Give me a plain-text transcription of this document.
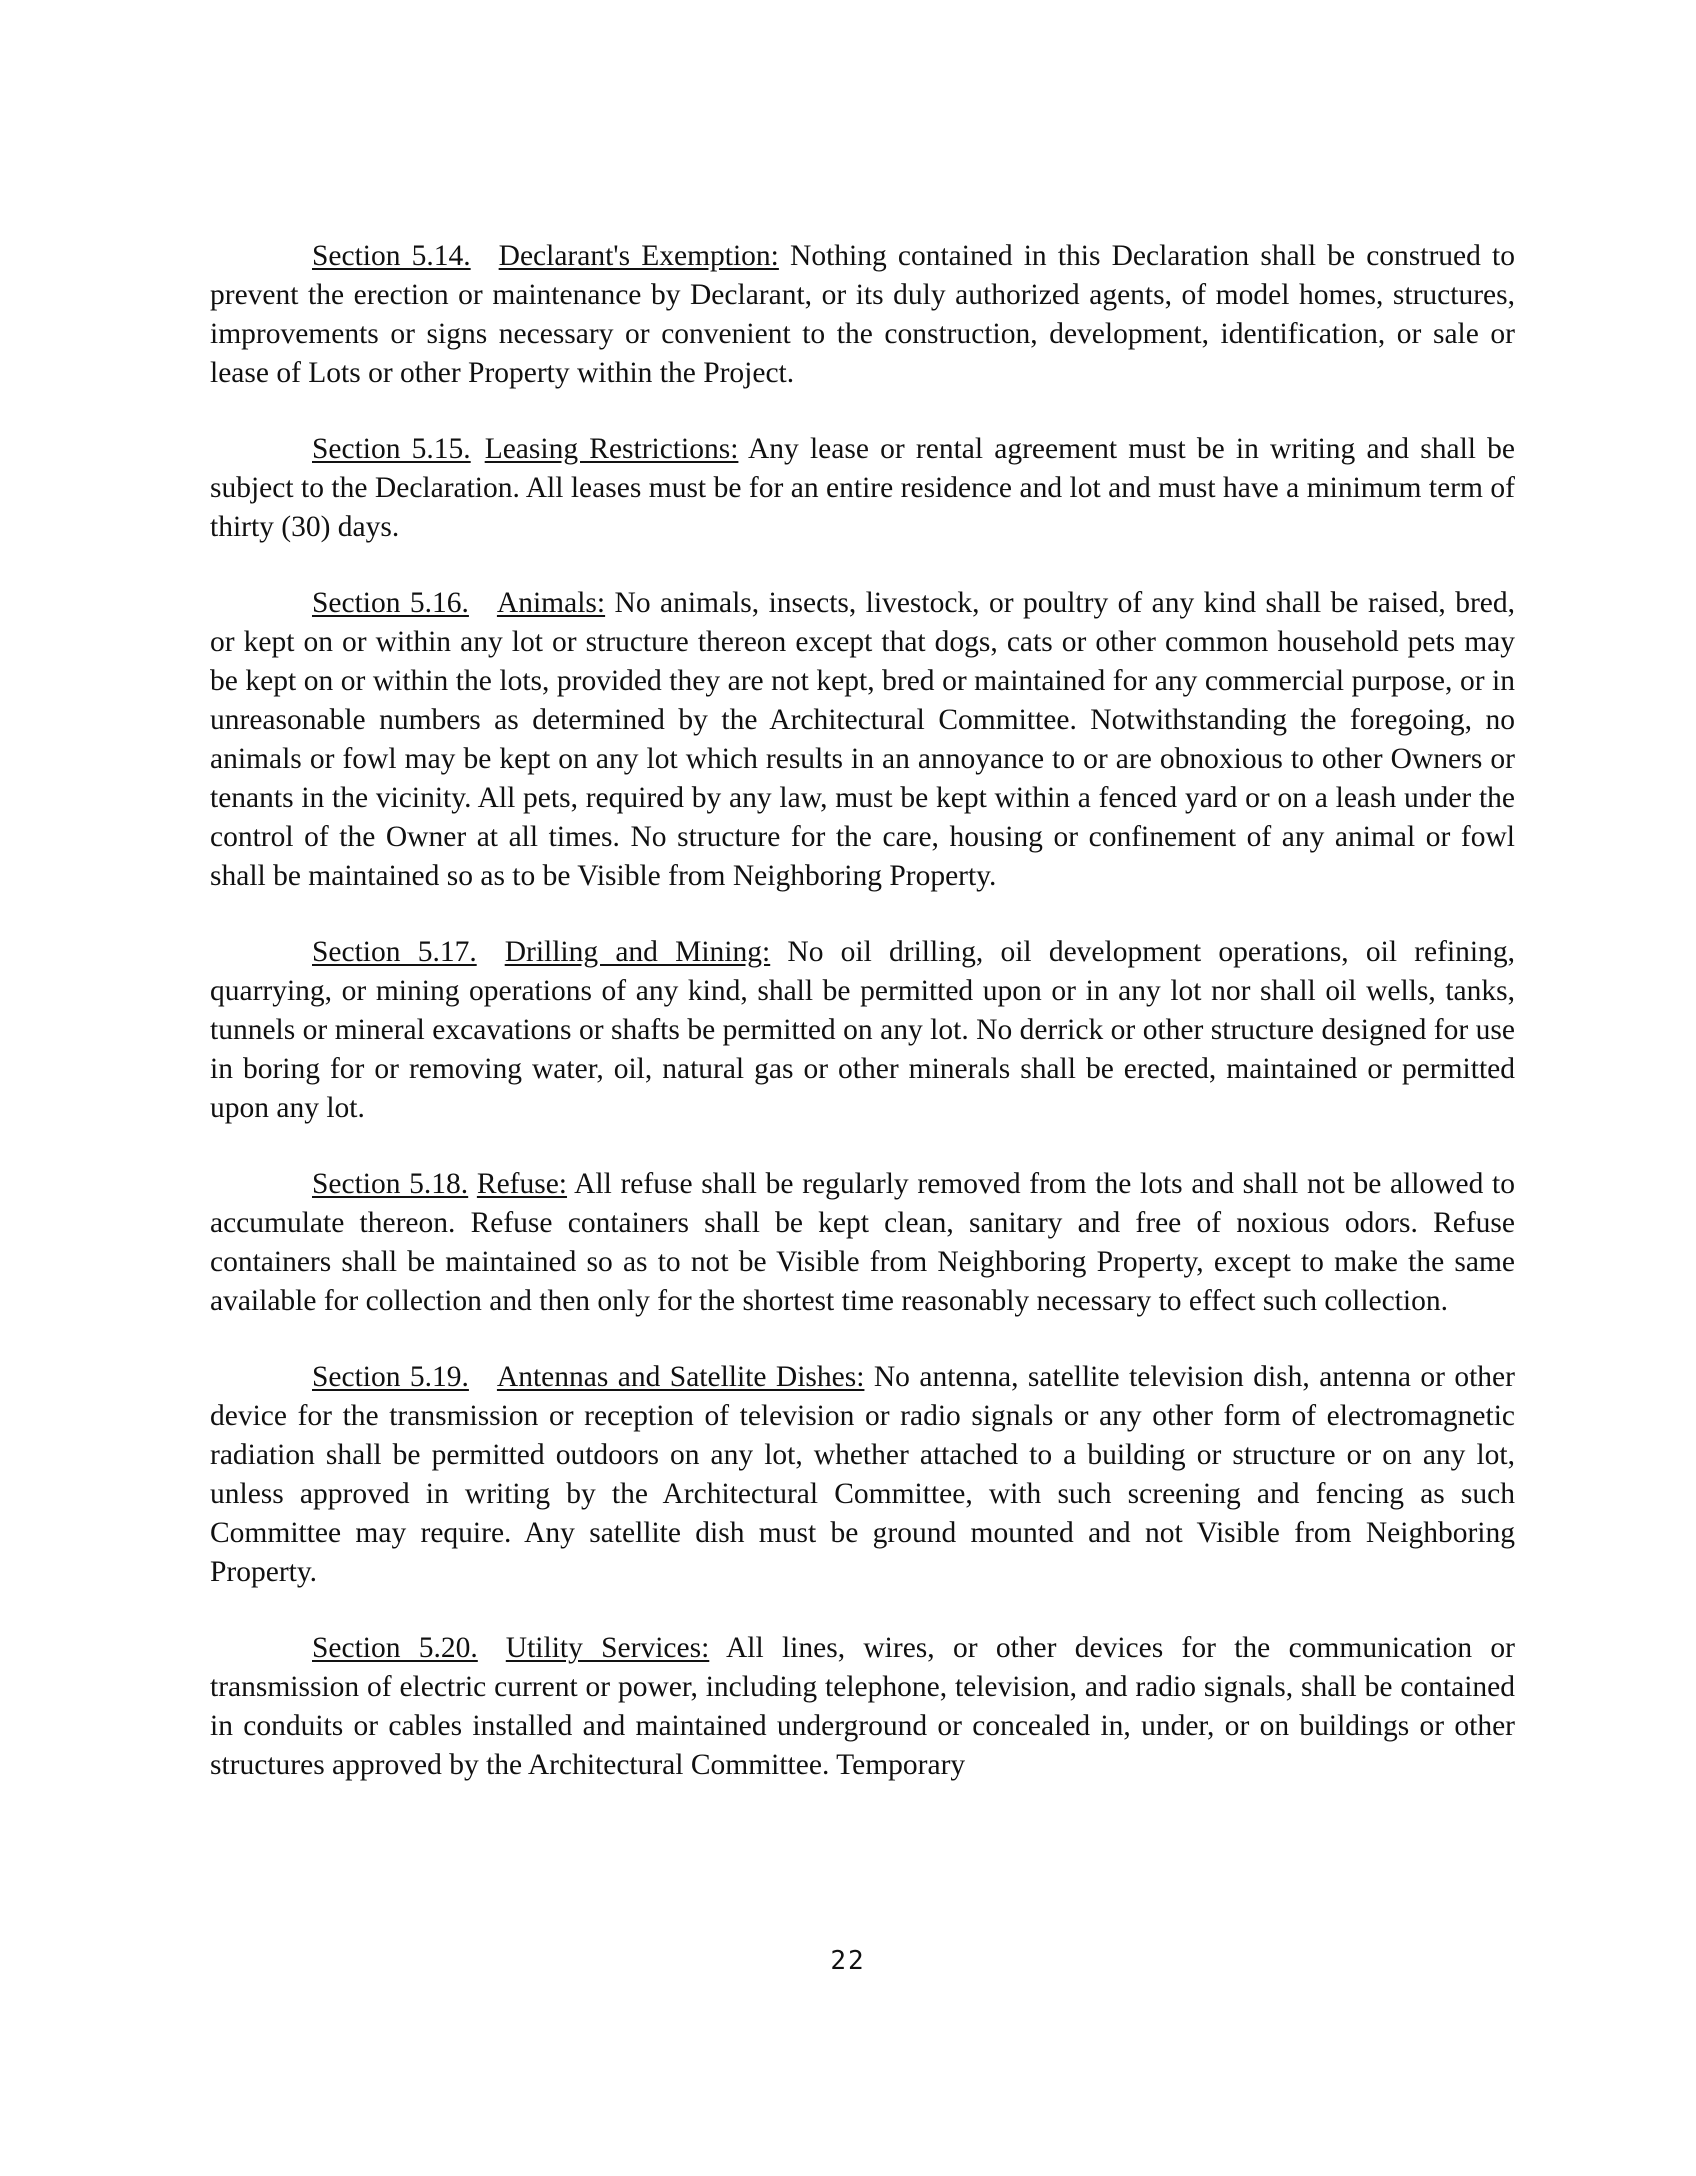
Section 5.14. Declarant's Exemption: Nothing contained in this Declaration shall be construed to prevent the erection or maintenance by Declarant, or its duly authorized agents, of model homes, structures, improvements or signs necessary or convenient to the construction, development, identification, or sale or lease of Lots or other Property within the Project.

Section 5.15. Leasing Restrictions: Any lease or rental agreement must be in writing and shall be subject to the Declaration. All leases must be for an entire residence and lot and must have a minimum term of thirty (30) days.

Section 5.16. Animals: No animals, insects, livestock, or poultry of any kind shall be raised, bred, or kept on or within any lot or structure thereon except that dogs, cats or other common household pets may be kept on or within the lots, provided they are not kept, bred or maintained for any commercial purpose, or in unreasonable numbers as determined by the Architectural Committee. Notwithstanding the foregoing, no animals or fowl may be kept on any lot which results in an annoyance to or are obnoxious to other Owners or tenants in the vicinity. All pets, required by any law, must be kept within a fenced yard or on a leash under the control of the Owner at all times. No structure for the care, housing or confinement of any animal or fowl shall be maintained so as to be Visible from Neighboring Property.

Section 5.17. Drilling and Mining: No oil drilling, oil development operations, oil refining, quarrying, or mining operations of any kind, shall be permitted upon or in any lot nor shall oil wells, tanks, tunnels or mineral excavations or shafts be permitted on any lot. No derrick or other structure designed for use in boring for or removing water, oil, natural gas or other minerals shall be erected, maintained or permitted upon any lot.

Section 5.18. Refuse: All refuse shall be regularly removed from the lots and shall not be allowed to accumulate thereon. Refuse containers shall be kept clean, sanitary and free of noxious odors. Refuse containers shall be maintained so as to not be Visible from Neighboring Property, except to make the same available for collection and then only for the shortest time reasonably necessary to effect such collection.

Section 5.19. Antennas and Satellite Dishes: No antenna, satellite television dish, antenna or other device for the transmission or reception of television or radio signals or any other form of electromagnetic radiation shall be permitted outdoors on any lot, whether attached to a building or structure or on any lot, unless approved in writing by the Architectural Committee, with such screening and fencing as such Committee may require. Any satellite dish must be ground mounted and not Visible from Neighboring Property.

Section 5.20. Utility Services: All lines, wires, or other devices for the communication or transmission of electric current or power, including telephone, television, and radio signals, shall be contained in conduits or cables installed and maintained underground or concealed in, under, or on buildings or other structures approved by the Architectural Committee. Temporary

22
